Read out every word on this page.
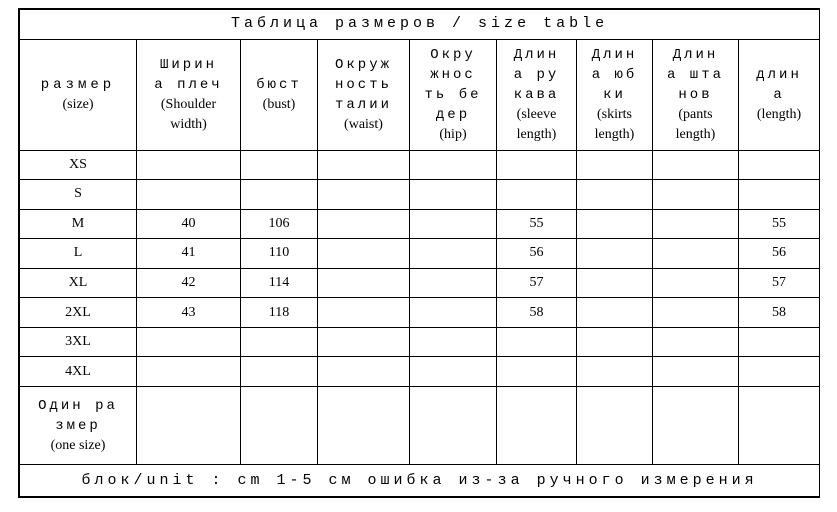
Таблица размеров / size table								
размер
(size)	Ширин
а плеч
(Shoulder
width)	бюст
(bust)	Окруж
ность
талии
(waist)	Окру
жнос
ть бе
дер
(hip)	Длин
а ру
кава
(sleeve
length)	Длин
а юб
ки
(skirts
length)	Длин
а шта
нов
(pants
length)	длин
а
(length)
XS								
S								
M	40	106			55			55
L	41	110			56			56
XL	42	114			57			57
2XL	43	118			58			58
3XL								
4XL								
Один ра
змер
(one size)								
блок/unit : cm 1-5 см ошибка из-за ручного измерения								
